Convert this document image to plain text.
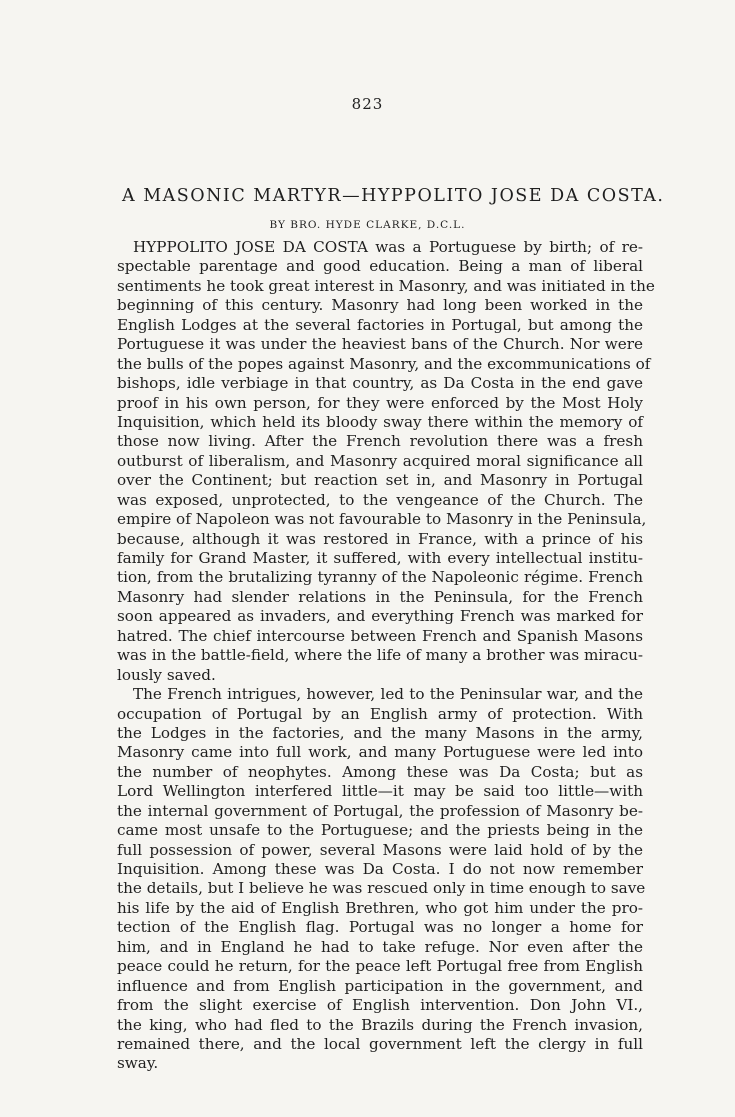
823
A MASONIC MARTYR—HYPPOLITO JOSE DA COSTA.
BY BRO. HYDE CLARKE, D.C.L.
HYPPOLITO JOSE DA COSTA was a Portuguese by birth; of re-
spectable parentage and good education. Being a man of liberal
sentiments he took great interest in Masonry, and was initiated in the
beginning of this century. Masonry had long been worked in the
English Lodges at the several factories in Portugal, but among the
Portuguese it was under the heaviest bans of the Church. Nor were
the bulls of the popes against Masonry, and the excommunications of
bishops, idle verbiage in that country, as Da Costa in the end gave
proof in his own person, for they were enforced by the Most Holy
Inquisition, which held its bloody sway there within the memory of
those now living. After the French revolution there was a fresh
outburst of liberalism, and Masonry acquired moral significance all
over the Continent; but reaction set in, and Masonry in Portugal
was exposed, unprotected, to the vengeance of the Church. The
empire of Napoleon was not favourable to Masonry in the Peninsula,
because, although it was restored in France, with a prince of his
family for Grand Master, it suffered, with every intellectual institu-
tion, from the brutalizing tyranny of the Napoleonic régime. French
Masonry had slender relations in the Peninsula, for the French
soon appeared as invaders, and everything French was marked for
hatred. The chief intercourse between French and Spanish Masons
was in the battle-field, where the life of many a brother was miracu-
lously saved.
The French intrigues, however, led to the Peninsular war, and the
occupation of Portugal by an English army of protection. With
the Lodges in the factories, and the many Masons in the army,
Masonry came into full work, and many Portuguese were led into
the number of neophytes. Among these was Da Costa; but as
Lord Wellington interfered little—it may be said too little—with
the internal government of Portugal, the profession of Masonry be-
came most unsafe to the Portuguese; and the priests being in the
full possession of power, several Masons were laid hold of by the
Inquisition. Among these was Da Costa. I do not now remember
the details, but I believe he was rescued only in time enough to save
his life by the aid of English Brethren, who got him under the pro-
tection of the English flag. Portugal was no longer a home for
him, and in England he had to take refuge. Nor even after the
peace could he return, for the peace left Portugal free from English
influence and from English participation in the government, and
from the slight exercise of English intervention. Don John VI.,
the king, who had fled to the Brazils during the French invasion,
remained there, and the local government left the clergy in full
sway.
